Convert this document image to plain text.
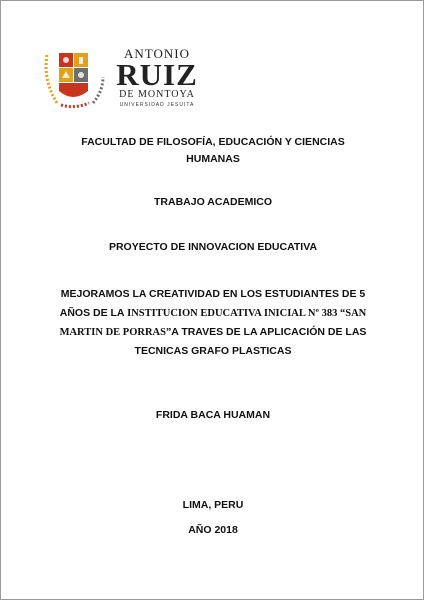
ANTONIO
RUIZ
DE MONTOYA
UNIVERSIDAD JESUITA
FACULTAD DE FILOSOFÍA, EDUCACIÓN Y CIENCIAS
HUMANAS
TRABAJO ACADEMICO
PROYECTO DE INNOVACION EDUCATIVA
MEJORAMOS LA CREATIVIDAD EN LOS ESTUDIANTES DE 5
AÑOS DE LA INSTITUCION EDUCATIVA INICIAL Nº 383 “SAN
MARTIN DE PORRAS”A TRAVES DE LA APLICACIÓN DE LAS
TECNICAS GRAFO PLASTICAS
FRIDA BACA HUAMAN
LIMA, PERU
AÑO 2018
